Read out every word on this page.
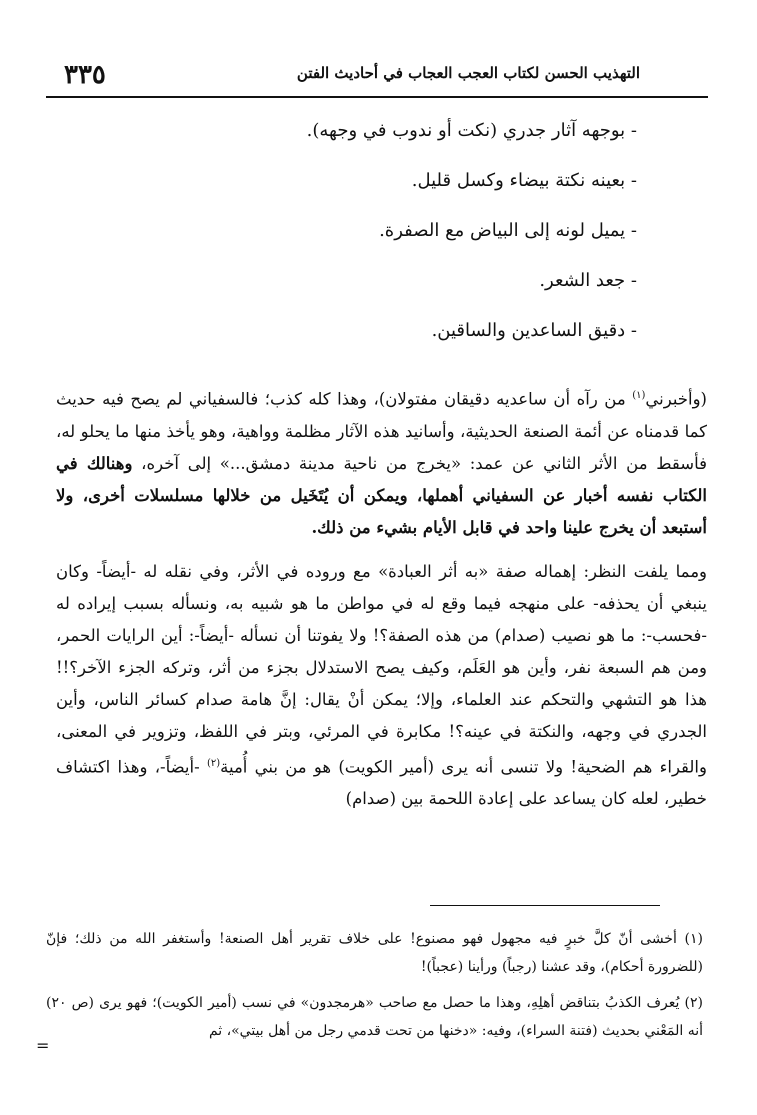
٣٣٥	التهذيب الحسن لكتاب العجب العجاب في أحاديث الفتن

- بوجهه آثار جدري (نكت أو ندوب في وجهه).

- بعينه نكتة بيضاء وكسل قليل.

- يميل لونه إلى البياض مع الصفرة.

- جعد الشعر.

- دقيق الساعدين والساقين.

(وأخبرني$^{(١)}$ من رآه أن ساعديه دقيقان مفتولان)، وهذا كله كذب؛ فالسفياني لم يصح فيه حديث كما قدمناه عن أئمة الصنعة الحديثية، وأسانيد هذه الآثار مظلمة وواهية، وهو يأخذ منها ما يحلو له، فأسقط من الأثر الثاني عن عمد: «يخرج من ناحية مدينة دمشق...» إلى آخره، وهنالك في الكتاب نفسه أخبار عن السفياني أهملها، ويمكن أن يُتَخَيل من خلالها مسلسلات أخرى، ولا أستبعد أن يخرج علينا واحد في قابل الأيام بشيء من ذلك.

ومما يلفت النظر: إهماله صفة «به أثر العبادة» مع وروده في الأثر، وفي نقله له -أيضاً- وكان ينبغي أن يحذفه- على منهجه فيما وقع له في مواطن ما هو شبيه به، ونسأله بسبب إيراده له -فحسب-: ما هو نصيب (صدام) من هذه الصفة؟! ولا يفوتنا أن نسأله -أيضاً-: أين الرايات الحمر، ومن هم السبعة نفر، وأين هو العَلَم، وكيف يصح الاستدلال بجزء من أثر، وتركه الجزء الآخر؟!! هذا هو التشهي والتحكم عند العلماء، وإلا؛ يمكن أنْ يقال: إنَّ هامة صدام كسائر الناس، وأين الجدري في وجهه، والنكتة في عينه؟! مكابرة في المرئي، وبتر في اللفظ، وتزوير في المعنى، والقراء هم الضحية! ولا تنسى أنه يرى (أمير الكويت) هو من بني أُمية$^{(٢)}$ -أيضاً-، وهذا اكتشاف خطير، لعله كان يساعد على إعادة اللحمة بين (صدام)

(١) أخشى أنّ كلَّ خبرٍ فيه مجهول فهو مصنوع! على خلاف تقرير أهل الصنعة! وأستغفر الله من ذلك؛ فإنّ (للضرورة أحكام)، وقد عشنا (رجباً) ورأينا (عجباً)!

(٢) يُعرف الكذبُ بتناقض أهلِهِ، وهذا ما حصل مع صاحب «هرمجدون» في نسب (أمير الكويت)؛ فهو يرى (ص ٢٠) أنه المَعْني بحديث (فتنة السراء)، وفيه: «دخنها من تحت قدمي رجل من أهل بيتي»، ثم

=
